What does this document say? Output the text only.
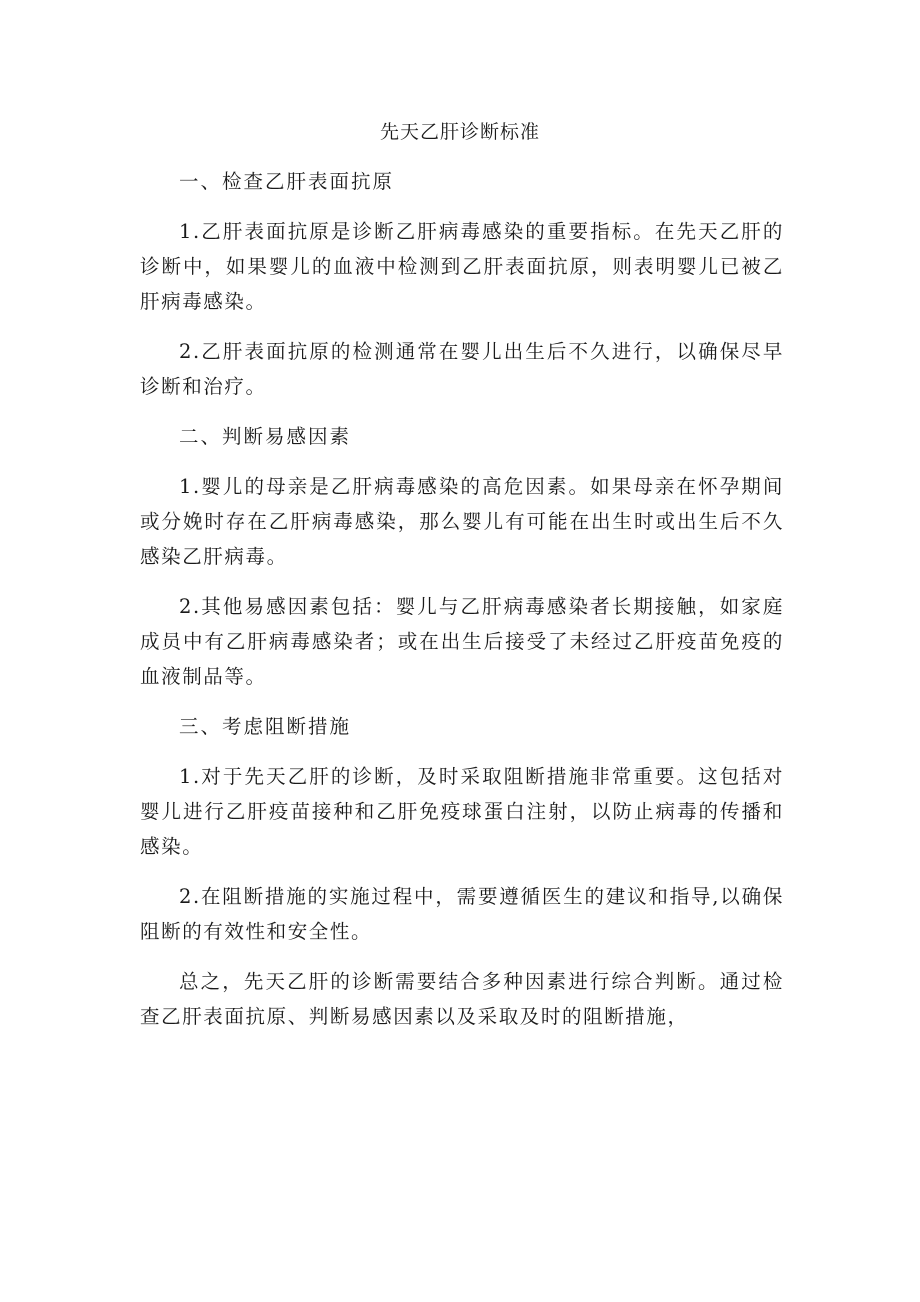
先天乙肝诊断标准

一、检查乙肝表面抗原

1.乙肝表面抗原是诊断乙肝病毒感染的重要指标。在先天乙肝的诊断中，如果婴儿的血液中检测到乙肝表面抗原，则表明婴儿已被乙肝病毒感染。

2.乙肝表面抗原的检测通常在婴儿出生后不久进行，以确保尽早诊断和治疗。

二、判断易感因素

1.婴儿的母亲是乙肝病毒感染的高危因素。如果母亲在怀孕期间或分娩时存在乙肝病毒感染，那么婴儿有可能在出生时或出生后不久感染乙肝病毒。

2.其他易感因素包括：婴儿与乙肝病毒感染者长期接触，如家庭成员中有乙肝病毒感染者；或在出生后接受了未经过乙肝疫苗免疫的血液制品等。

三、考虑阻断措施

1.对于先天乙肝的诊断，及时采取阻断措施非常重要。这包括对婴儿进行乙肝疫苗接种和乙肝免疫球蛋白注射，以防止病毒的传播和感染。

2.在阻断措施的实施过程中，需要遵循医生的建议和指导,以确保阻断的有效性和安全性。

总之，先天乙肝的诊断需要结合多种因素进行综合判断。通过检查乙肝表面抗原、判断易感因素以及采取及时的阻断措施，
